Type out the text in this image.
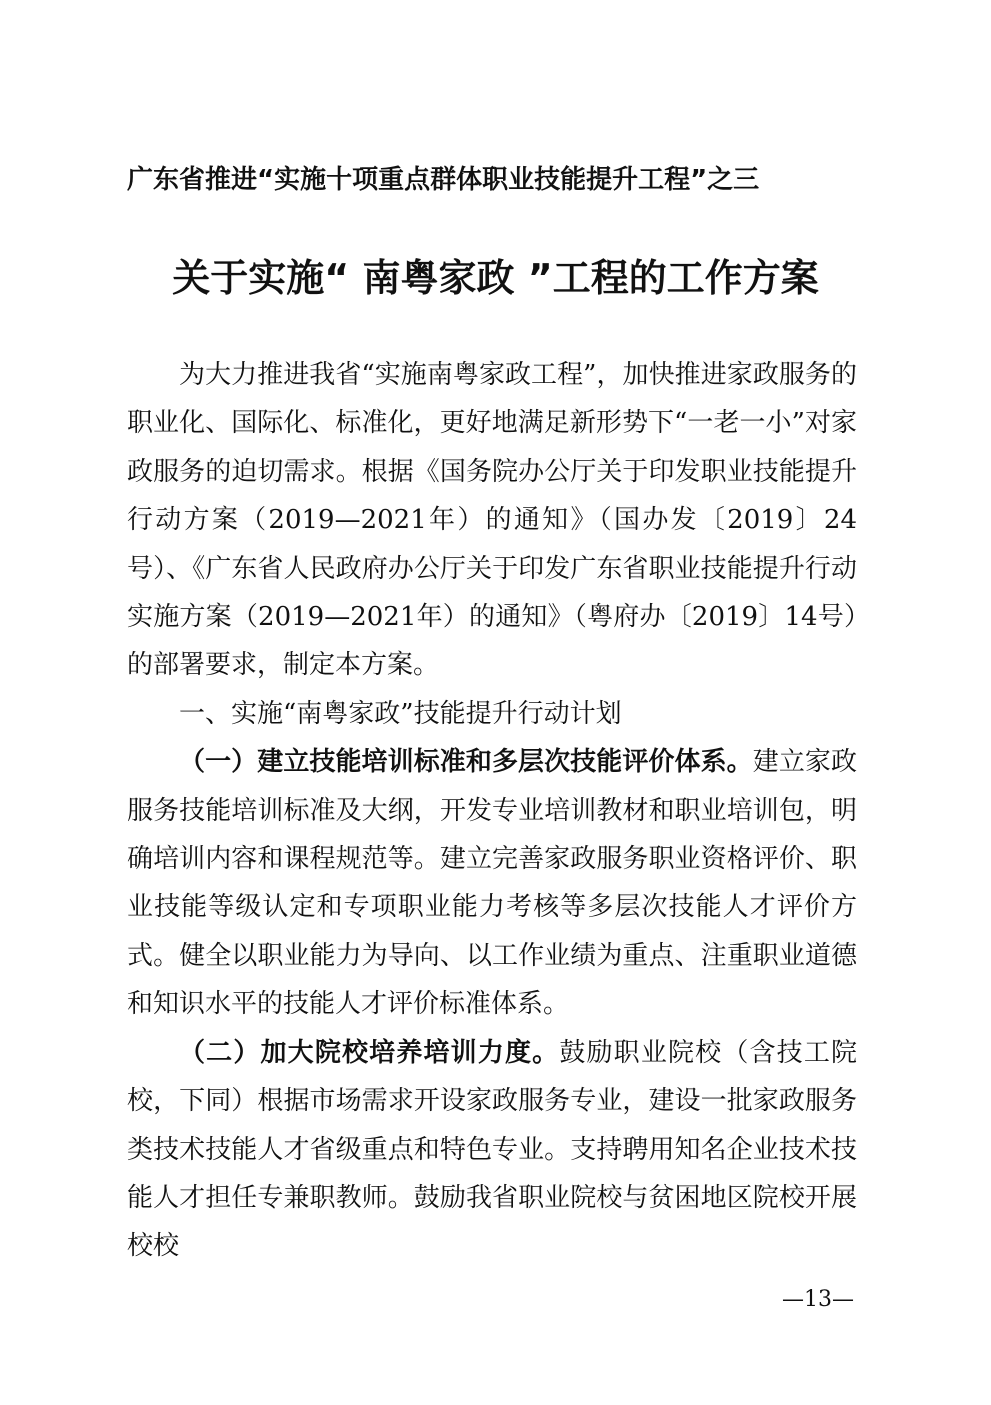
广东省推进“实施十项重点群体职业技能提升工程”之三
关于实施“ 南粤家政 ”工程的工作方案

为大力推进我省“实施南粤家政工程”，加快推进家政服务的职业化、国际化、标准化，更好地满足新形势下“一老一小”对家政服务的迫切需求。根据《国务院办公厅关于印发职业技能提升行动方案（2019—2021年）的通知》（国办发〔2019〕24号）、《广东省人民政府办公厅关于印发广东省职业技能提升行动实施方案（2019—2021年）的通知》（粤府办〔2019〕14号）的部署要求，制定本方案。

一、实施“南粤家政”技能提升行动计划

（一）建立技能培训标准和多层次技能评价体系。建立家政服务技能培训标准及大纲，开发专业培训教材和职业培训包，明确培训内容和课程规范等。建立完善家政服务职业资格评价、职业技能等级认定和专项职业能力考核等多层次技能人才评价方式。健全以职业能力为导向、以工作业绩为重点、注重职业道德和知识水平的技能人才评价标准体系。

（二）加大院校培养培训力度。鼓励职业院校（含技工院校，下同）根据市场需求开设家政服务专业，建设一批家政服务类技术技能人才省级重点和特色专业。支持聘用知名企业技术技能人才担任专兼职教师。鼓励我省职业院校与贫困地区院校开展校校

—13—
